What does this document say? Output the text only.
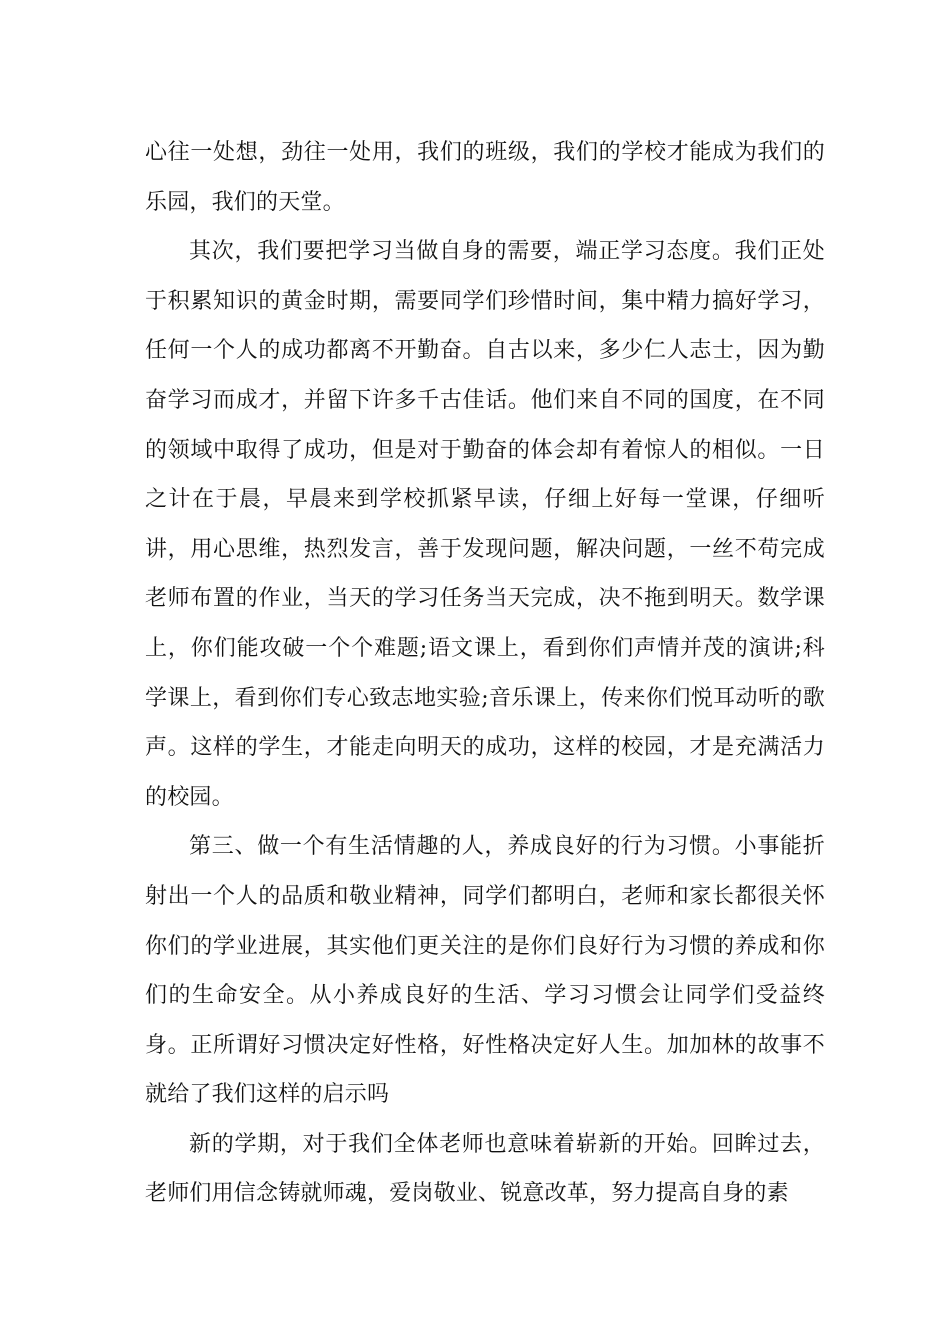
心往一处想，劲往一处用，我们的班级，我们的学校才能成为我们的乐园，我们的天堂。

其次，我们要把学习当做自身的需要，端正学习态度。我们正处于积累知识的黄金时期，需要同学们珍惜时间，集中精力搞好学习，任何一个人的成功都离不开勤奋。自古以来，多少仁人志士，因为勤奋学习而成才，并留下许多千古佳话。他们来自不同的国度，在不同的领域中取得了成功，但是对于勤奋的体会却有着惊人的相似。一日之计在于晨，早晨来到学校抓紧早读，仔细上好每一堂课，仔细听讲，用心思维，热烈发言，善于发现问题，解决问题，一丝不苟完成老师布置的作业，当天的学习任务当天完成，决不拖到明天。数学课上，你们能攻破一个个难题;语文课上，看到你们声情并茂的演讲;科学课上，看到你们专心致志地实验;音乐课上，传来你们悦耳动听的歌声。这样的学生，才能走向明天的成功，这样的校园，才是充满活力的校园。

第三、做一个有生活情趣的人，养成良好的行为习惯。小事能折射出一个人的品质和敬业精神，同学们都明白，老师和家长都很关怀你们的学业进展，其实他们更关注的是你们良好行为习惯的养成和你们的生命安全。从小养成良好的生活、学习习惯会让同学们受益终身。正所谓好习惯决定好性格，好性格决定好人生。加加林的故事不就给了我们这样的启示吗

新的学期，对于我们全体老师也意味着崭新的开始。回眸过去，老师们用信念铸就师魂，爱岗敬业、锐意改革，努力提高自身的素
